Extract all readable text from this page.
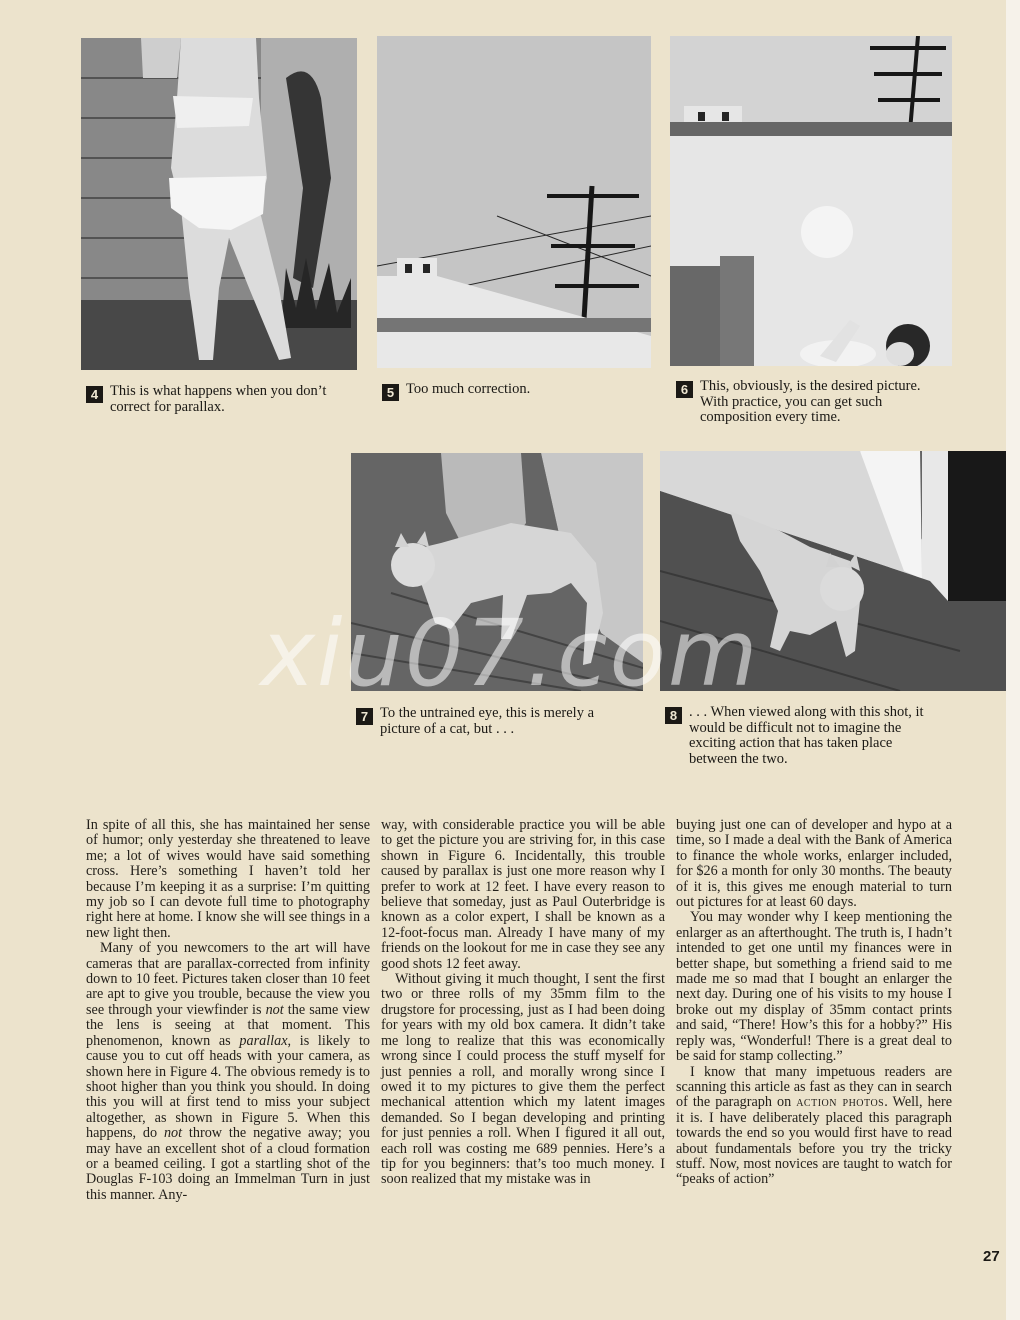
4 This is what happens when you don’t correct for parallax.
5 Too much correction.	6 This, obviously, is the desired picture. With practice, you can get such composition every time.
7 To the untrained eye, this is merely a picture of a cat, but . . .
8 . . . When viewed along with this shot, it would be difficult not to imagine the exciting action that has taken place between the two.
xiu07.com

In spite of all this, she has maintained her sense of humor; only yesterday she threatened to leave me; a lot of wives would have said something cross. Here’s something I haven’t told her because I’m keeping it as a surprise: I’m quitting my job so I can devote full time to photography right here at home. I know she will see things in a new light then.

Many of you newcomers to the art will have cameras that are parallax-corrected from infinity down to 10 feet. Pictures taken closer than 10 feet are apt to give you trouble, because the view you see through your viewfinder is not the same view the lens is seeing at that moment. This phenomenon, known as parallax, is likely to cause you to cut off heads with your camera, as shown here in Figure 4. The obvious remedy is to shoot higher than you think you should. In doing this you will at first tend to miss your subject altogether, as shown in Figure 5. When this happens, do not throw the negative away; you may have an excellent shot of a cloud formation or a beamed ceiling. I got a startling shot of the Douglas F-103 doing an Immelman Turn in just this manner. Any-

way, with considerable practice you will be able to get the picture you are striving for, in this case shown in Figure 6. Incidentally, this trouble caused by parallax is just one more reason why I prefer to work at 12 feet. I have every reason to believe that someday, just as Paul Outerbridge is known as a color expert, I shall be known as a 12-foot-focus man. Already I have many of my friends on the lookout for me in case they see any good shots 12 feet away.

Without giving it much thought, I sent the first two or three rolls of my 35mm film to the drugstore for processing, just as I had been doing for years with my old box camera. It didn’t take me long to realize that this was economically wrong since I could process the stuff myself for just pennies a roll, and morally wrong since I owed it to my pictures to give them the perfect mechanical attention which my latent images demanded. So I began developing and printing for just pennies a roll. When I figured it all out, each roll was costing me 689 pennies. Here’s a tip for you beginners: that’s too much money. I soon realized that my mistake was in

buying just one can of developer and hypo at a time, so I made a deal with the Bank of America to finance the whole works, enlarger included, for $26 a month for only 30 months. The beauty of it is, this gives me enough material to turn out pictures for at least 60 days.

You may wonder why I keep mentioning the enlarger as an afterthought. The truth is, I hadn’t intended to get one until my finances were in better shape, but something a friend said to me made me so mad that I bought an enlarger the next day. During one of his visits to my house I broke out my display of 35mm contact prints and said, “There! How’s this for a hobby?” His reply was, “Wonderful! There is a great deal to be said for stamp collecting.”

I know that many impetuous readers are scanning this article as fast as they can in search of the paragraph on action photos. Well, here it is. I have deliberately placed this paragraph towards the end so you would first have to read about fundamentals before you try the tricky stuff. Now, most novices are taught to watch for “peaks of action”

27
